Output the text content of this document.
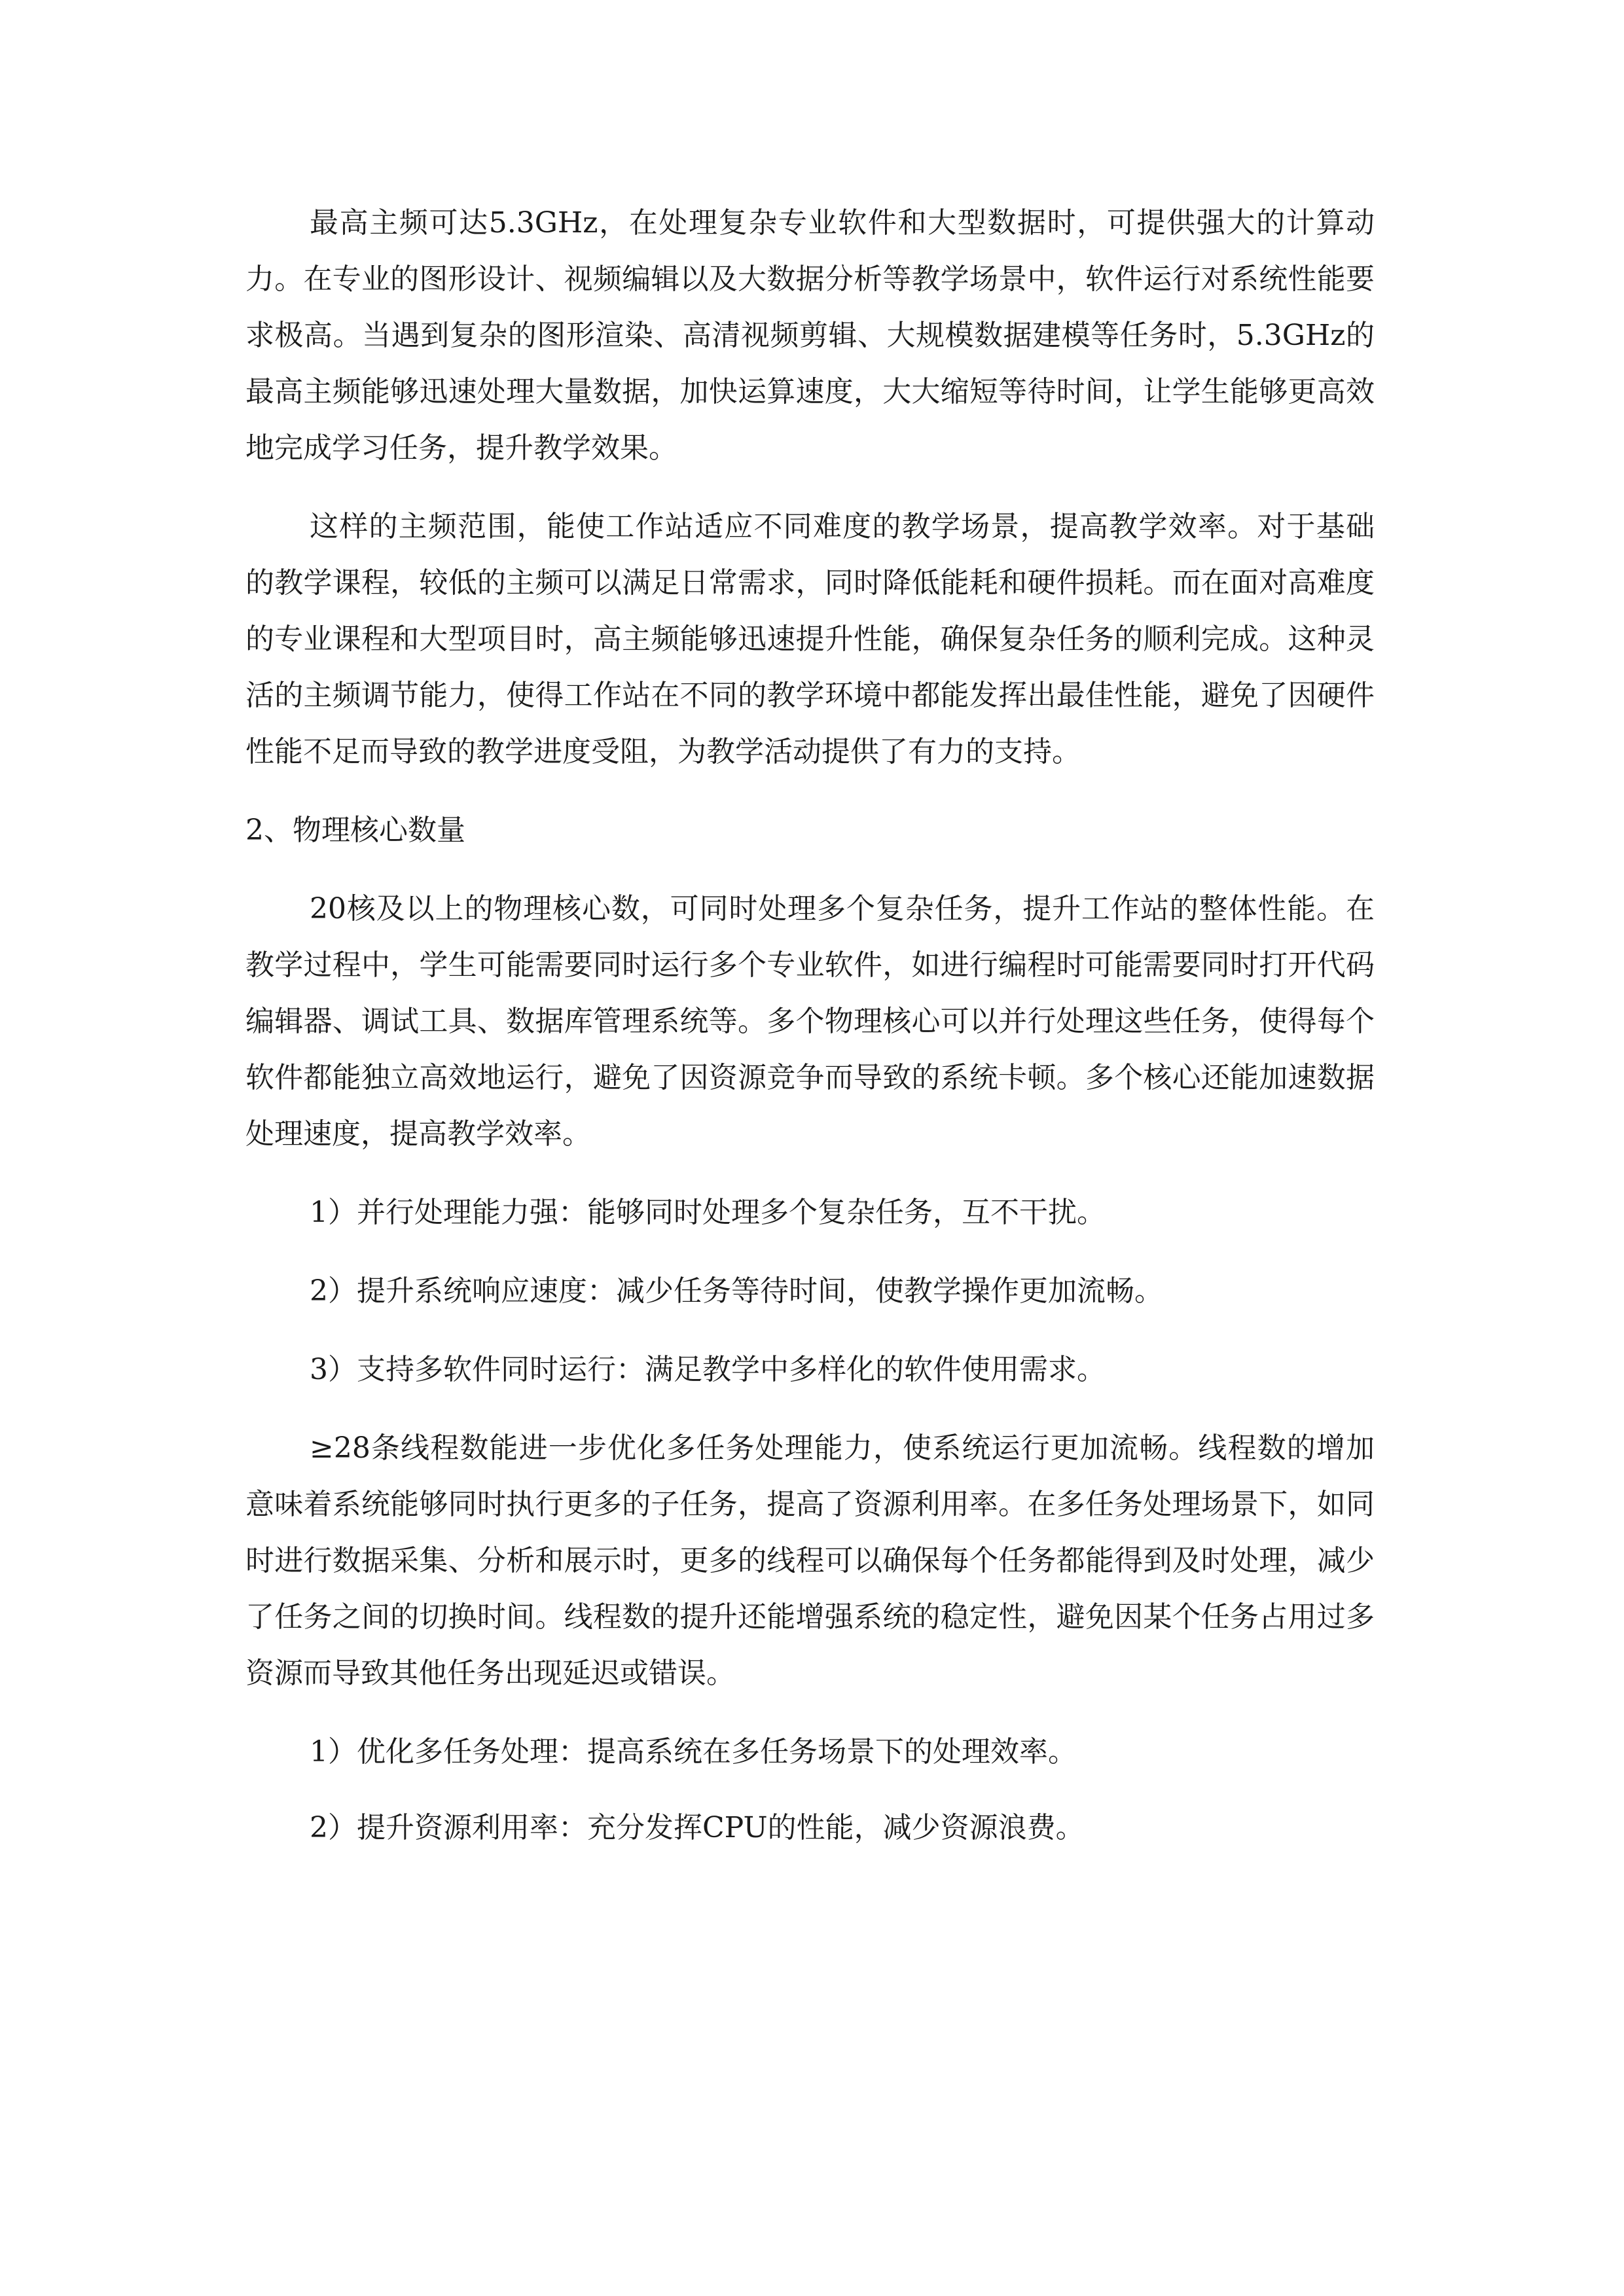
最高主频可达5.3GHz，在处理复杂专业软件和大型数据时，可提供强大的计算动力。在专业的图形设计、视频编辑以及大数据分析等教学场景中，软件运行对系统性能要求极高。当遇到复杂的图形渲染、高清视频剪辑、大规模数据建模等任务时，5.3GHz的最高主频能够迅速处理大量数据，加快运算速度，大大缩短等待时间，让学生能够更高效地完成学习任务，提升教学效果。

这样的主频范围，能使工作站适应不同难度的教学场景，提高教学效率。对于基础的教学课程，较低的主频可以满足日常需求，同时降低能耗和硬件损耗。而在面对高难度的专业课程和大型项目时，高主频能够迅速提升性能，确保复杂任务的顺利完成。这种灵活的主频调节能力，使得工作站在不同的教学环境中都能发挥出最佳性能，避免了因硬件性能不足而导致的教学进度受阻，为教学活动提供了有力的支持。

2、物理核心数量

20核及以上的物理核心数，可同时处理多个复杂任务，提升工作站的整体性能。在教学过程中，学生可能需要同时运行多个专业软件，如进行编程时可能需要同时打开代码编辑器、调试工具、数据库管理系统等。多个物理核心可以并行处理这些任务，使得每个软件都能独立高效地运行，避免了因资源竞争而导致的系统卡顿。多个核心还能加速数据处理速度，提高教学效率。

1）并行处理能力强：能够同时处理多个复杂任务，互不干扰。

2）提升系统响应速度：减少任务等待时间，使教学操作更加流畅。

3）支持多软件同时运行：满足教学中多样化的软件使用需求。

≥28条线程数能进一步优化多任务处理能力，使系统运行更加流畅。线程数的增加意味着系统能够同时执行更多的子任务，提高了资源利用率。在多任务处理场景下，如同时进行数据采集、分析和展示时，更多的线程可以确保每个任务都能得到及时处理，减少了任务之间的切换时间。线程数的提升还能增强系统的稳定性，避免因某个任务占用过多资源而导致其他任务出现延迟或错误。

1）优化多任务处理：提高系统在多任务场景下的处理效率。

2）提升资源利用率：充分发挥CPU的性能，减少资源浪费。
